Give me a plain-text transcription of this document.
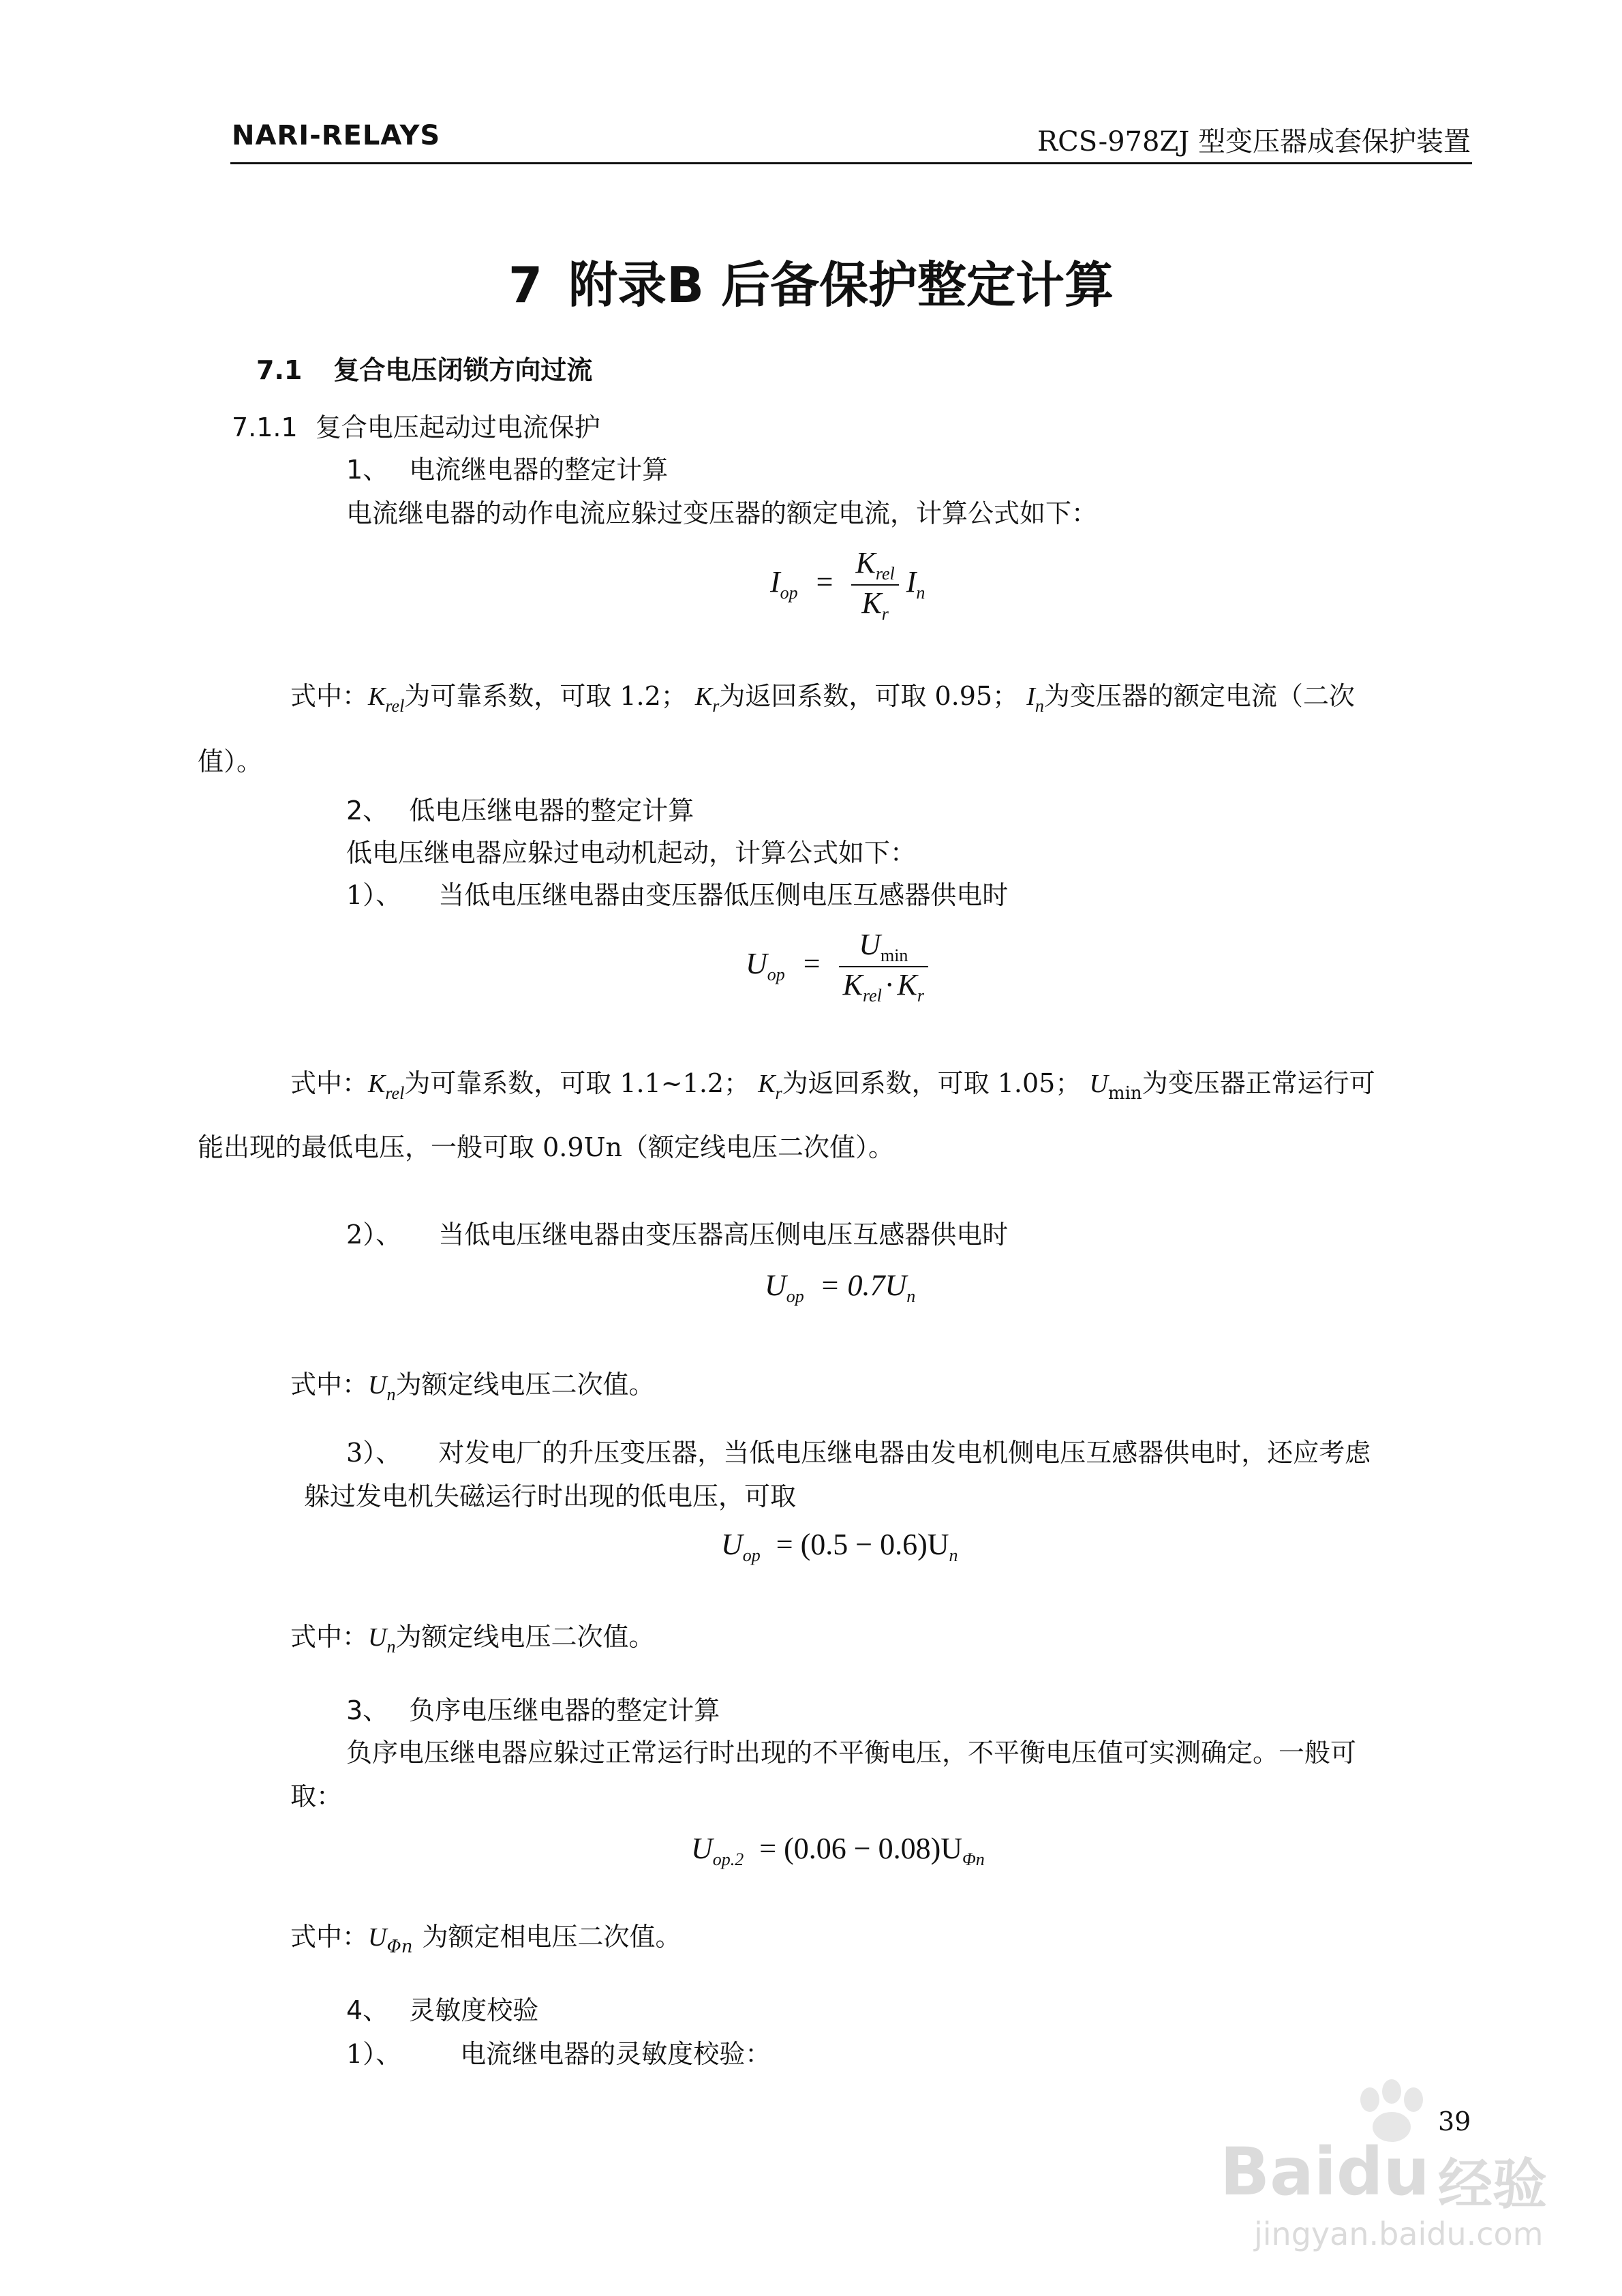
NARI-RELAYS	RCS-978ZJ 型变压器成套保护装置
7 附录B 后备保护整定计算
7.1 复合电压闭锁方向过流
7.1.1 复合电压起动过电流保护
1、 电流继电器的整定计算
电流继电器的动作电流应躲过变压器的额定电流，计算公式如下：
$I_{op} = \frac{K_{rel}}{K_r} I_n$
式中：$K_{rel}$为可靠系数，可取 1.2； $K_r$为返回系数，可取 0.95； $I_n$为变压器的额定电流（二次
值）。
2、 低电压继电器的整定计算
低电压继电器应躲过电动机起动，计算公式如下：
1）、 当低电压继电器由变压器低压侧电压互感器供电时
$U_{op} = \frac{U_{min}}{K_{rel}\cdot K_r}$
式中：$K_{rel}$为可靠系数，可取 1.1~1.2； $K_r$为返回系数，可取 1.05； $U_{min}$为变压器正常运行可
能出现的最低电压，一般可取 0.9Un（额定线电压二次值）。
2）、 当低电压继电器由变压器高压侧电压互感器供电时
$U_{op} = 0.7U_n$
式中：$U_n$为额定线电压二次值。
3）、 对发电厂的升压变压器，当低电压继电器由发电机侧电压互感器供电时，还应考虑
躲过发电机失磁运行时出现的低电压，可取
$U_{op} = (0.5 - 0.6)U_n$
式中：$U_n$为额定线电压二次值。
3、 负序电压继电器的整定计算
负序电压继电器应躲过正常运行时出现的不平衡电压，不平衡电压值可实测确定。一般可
取：
$U_{op.2} = (0.06 - 0.08)U_{\Phi n}$
式中：$U_{\Phi n}$ 为额定相电压二次值。
4、 灵敏度校验
1）、 电流继电器的灵敏度校验：
39
Baidu 经验
jingyan.baidu.com
